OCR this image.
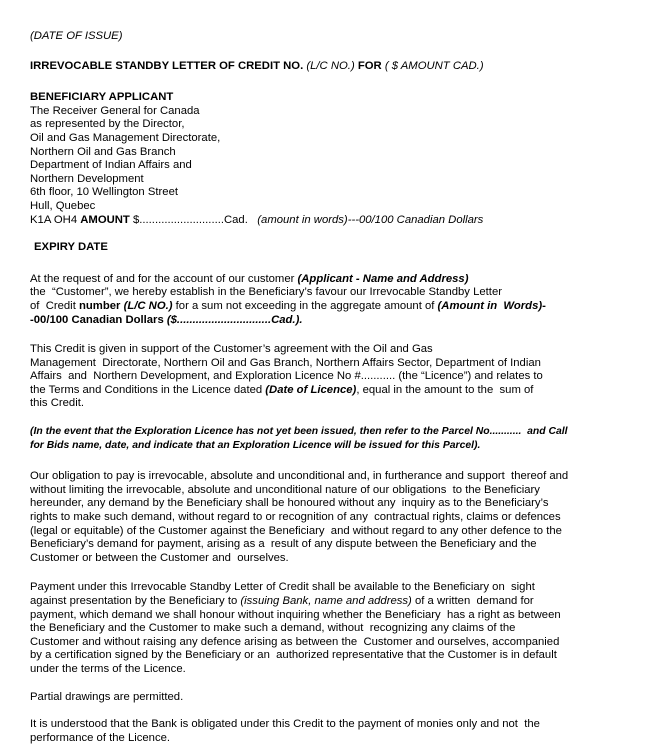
(DATE OF ISSUE)
IRREVOCABLE STANDBY LETTER OF CREDIT NO. (L/C NO.) FOR ( $ AMOUNT CAD.)
BENEFICIARY APPLICANT
The Receiver General for Canada
as represented by the Director,
Oil and Gas Management Directorate,
Northern Oil and Gas Branch
Department of Indian Affairs and
Northern Development
6th floor, 10 Wellington Street
Hull, Quebec
K1A OH4 AMOUNT $...........................Cad. (amount in words)---00/100 Canadian Dollars
EXPIRY DATE
At the request of and for the account of our customer (Applicant - Name and Address)
the  “Customer”, we hereby establish in the Beneficiary’s favour our Irrevocable Standby Letter
of  Credit number (L/C NO.) for a sum not exceeding in the aggregate amount of (Amount in  Words)-
-00/100 Canadian Dollars ($..............................Cad.).
This Credit is given in support of the Customer’s agreement with the Oil and Gas
Management  Directorate, Northern Oil and Gas Branch, Northern Affairs Sector, Department of Indian
Affairs  and  Northern Development, and Exploration Licence No #........... (the “Licence”) and relates to
the Terms and Conditions in the Licence dated (Date of Licence), equal in the amount to the  sum of
this Credit.
(In the event that the Exploration Licence has not yet been issued, then refer to the Parcel No...........  and Call
for Bids name, date, and indicate that an Exploration Licence will be issued for this Parcel).
Our obligation to pay is irrevocable, absolute and unconditional and, in furtherance and support  thereof and
without limiting the irrevocable, absolute and unconditional nature of our obligations  to the Beneficiary
hereunder, any demand by the Beneficiary shall be honoured without any  inquiry as to the Beneficiary’s
rights to make such demand, without regard to or recognition of any  contractual rights, claims or defences
(legal or equitable) of the Customer against the Beneficiary  and without regard to any other defence to the
Beneficiary’s demand for payment, arising as a  result of any dispute between the Beneficiary and the
Customer or between the Customer and  ourselves.
Payment under this Irrevocable Standby Letter of Credit shall be available to the Beneficiary on  sight
against presentation by the Beneficiary to (issuing Bank, name and address) of a written  demand for
payment, which demand we shall honour without inquiring whether the Beneficiary  has a right as between
the Beneficiary and the Customer to make such a demand, without  recognizing any claims of the
Customer and without raising any defence arising as between the  Customer and ourselves, accompanied
by a certification signed by the Beneficiary or an  authorized representative that the Customer is in default
under the terms of the Licence.
Partial drawings are permitted.
It is understood that the Bank is obligated under this Credit to the payment of monies only and not  the
performance of the Licence.
